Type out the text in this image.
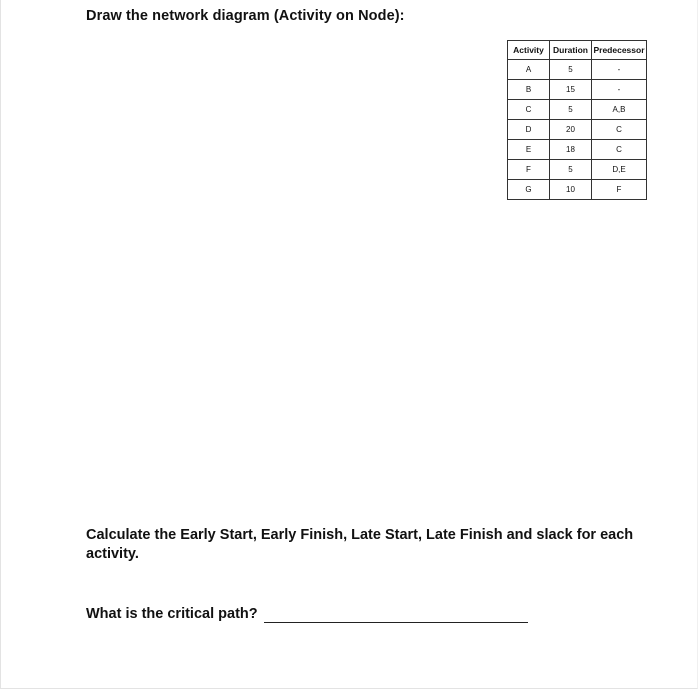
Draw the network diagram (Activity on Node):
Activity	Duration	Predecessor
A	5	-
B	15	-
C	5	A,B
D	20	C
E	18	C
F	5	D,E
G	10	F
Calculate the Early Start, Early Finish, Late Start, Late Finish and slack for each activity.
What is the critical path?
